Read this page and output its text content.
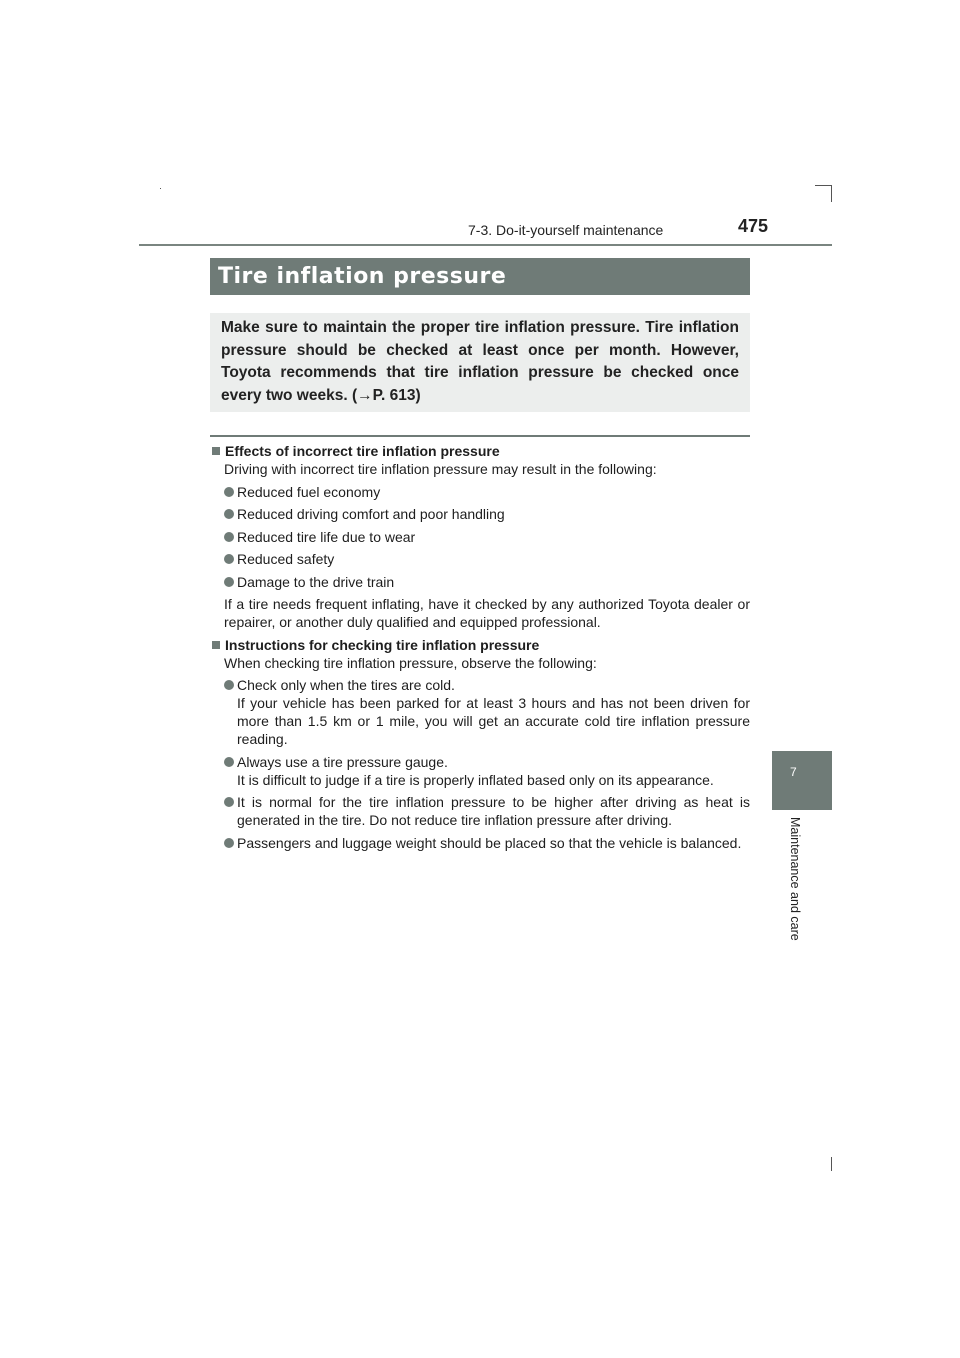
7-3. Do-it-yourself maintenance	475
Tire inflation pressure
Make sure to maintain the proper tire inflation pressure. Tire inflation pressure should be checked at least once per month. However, Toyota recommends that tire inflation pressure be checked once every two weeks. (→P. 613)
Effects of incorrect tire inflation pressure
Driving with incorrect tire inflation pressure may result in the following:
Reduced fuel economy
Reduced driving comfort and poor handling
Reduced tire life due to wear
Reduced safety
Damage to the drive train
If a tire needs frequent inflating, have it checked by any authorized Toyota dealer or repairer, or another duly qualified and equipped professional.
Instructions for checking tire inflation pressure
When checking tire inflation pressure, observe the following:
Check only when the tires are cold.
If your vehicle has been parked for at least 3 hours and has not been driven for more than 1.5 km or 1 mile, you will get an accurate cold tire inflation pressure reading.
Always use a tire pressure gauge.
It is difficult to judge if a tire is properly inflated based only on its appearance.
It is normal for the tire inflation pressure to be higher after driving as heat is generated in the tire. Do not reduce tire inflation pressure after driving.
Passengers and luggage weight should be placed so that the vehicle is balanced.
7
Maintenance and care
